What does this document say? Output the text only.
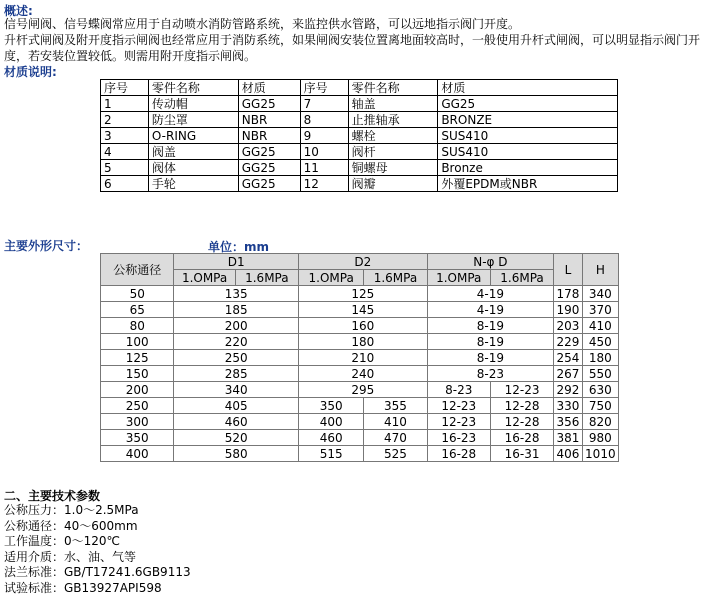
概述:
信号闸阀、信号蝶阀常应用于自动喷水消防管路系统，来监控供水管路，可以远地指示阀门开度。
升杆式闸阀及附开度指示闸阀也经常应用于消防系统，如果闸阀安装位置离地面较高时，一般使用升杆式闸阀，可以明显指示阀门开度，若安装位置较低。则需用附开度指示闸阀。
材质说明:
序号	零件名称	材质	序号	零件名称	材质
1	传动帽	GG25	7	轴盖	GG25
2	防尘罩	NBR	8	止推轴承	BRONZE
3	O-RING	NBR	9	螺栓	SUS410
4	阀盖	GG25	10	阀杆	SUS410
5	阀体	GG25	11	铜螺母	Bronze
6	手轮	GG25	12	阀瓣	外覆EPDM或NBR
主要外形尺寸：	单位：mm
公称通径	D1		D2		N-φ D		L	H
	1.OMPa	1.6MPa	1.OMPa	1.6MPa	1.OMPa	1.6MPa		
50	135		125		4-19		178	340
65	185		145		4-19		190	370
80	200		160		8-19		203	410
100	220		180		8-19		229	450
125	250		210		8-19		254	180
150	285		240		8-23		267	550
200	340		295		8-23	12-23	292	630
250	405		350	355	12-23	12-28	330	750
300	460		400	410	12-23	12-28	356	820
350	520		460	470	16-23	16-28	381	980
400	580		515	525	16-28	16-31	406	1010
二、主要技术参数
公称压力：1.0～2.5MPa
公称通径：40～600mm
工作温度：0～120℃
适用介质：水、油、气等
法兰标准：GB/T17241.6GB9113
试验标准：GB13927API598
